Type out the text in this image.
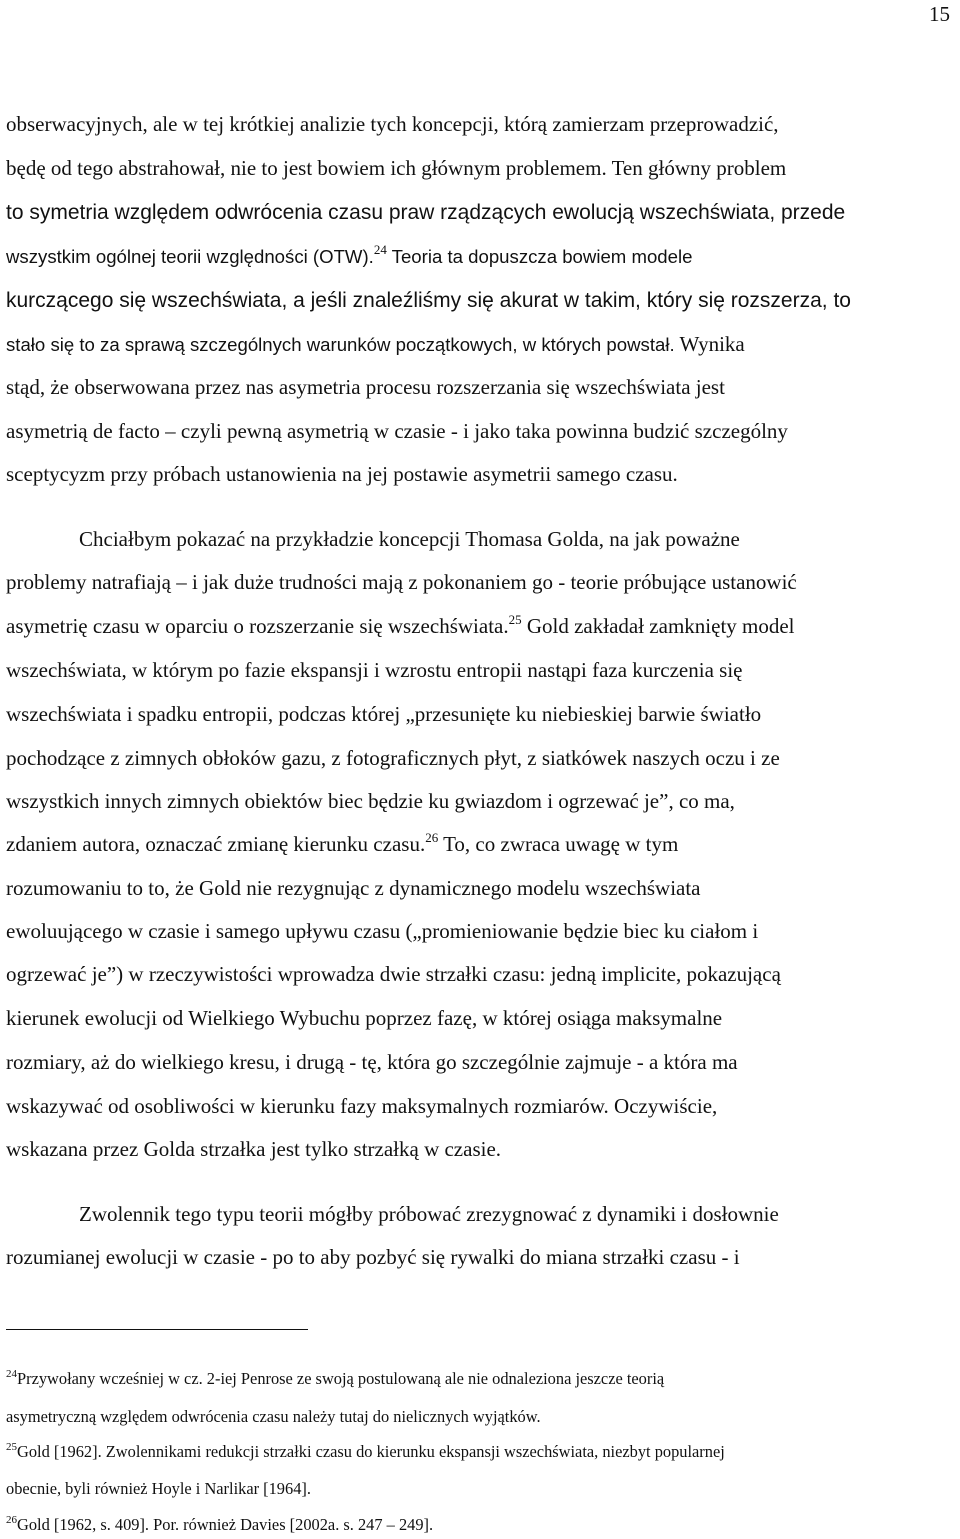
15
obserwacyjnych, ale w tej krótkiej analizie tych koncepcji, którą zamierzam przeprowadzić,
będę od tego abstrahował, nie to jest bowiem ich głównym problemem. Ten główny problem
to symetria względem odwrócenia czasu praw rządzących ewolucją wszechświata, przede
wszystkim ogólnej teorii względności (OTW).$^{24}$ Teoria ta dopuszcza bowiem modele
kurczącego się wszechświata, a jeśli znaleźliśmy się akurat w takim, który się rozszerza, to
stało się to za sprawą szczególnych warunków początkowych, w których powstał. Wynika
stąd, że obserwowana przez nas asymetria procesu rozszerzania się wszechświata jest
asymetrią de facto – czyli pewną asymetrią w czasie - i jako taka powinna budzić szczególny
sceptycyzm przy próbach ustanowienia na jej postawie asymetrii samego czasu.
Chciałbym pokazać na przykładzie koncepcji Thomasa Golda, na jak poważne
problemy natrafiają – i jak duże trudności mają z pokonaniem go - teorie próbujące ustanowić
asymetrię czasu w oparciu o rozszerzanie się wszechświata.$^{25}$ Gold zakładał zamknięty model
wszechświata, w którym po fazie ekspansji i wzrostu entropii nastąpi faza kurczenia się
wszechświata i spadku entropii, podczas której „przesunięte ku niebieskiej barwie światło
pochodzące z zimnych obłoków gazu, z fotograficznych płyt, z siatkówek naszych oczu i ze
wszystkich innych zimnych obiektów biec będzie ku gwiazdom i ogrzewać je”, co ma,
zdaniem autora, oznaczać zmianę kierunku czasu.$^{26}$ To, co zwraca uwagę w tym
rozumowaniu to to, że Gold nie rezygnując z dynamicznego modelu wszechświata
ewoluującego w czasie i samego upływu czasu („promieniowanie będzie biec ku ciałom i
ogrzewać je”) w rzeczywistości wprowadza dwie strzałki czasu: jedną implicite, pokazującą
kierunek ewolucji od Wielkiego Wybuchu poprzez fazę, w której osiąga maksymalne
rozmiary, aż do wielkiego kresu, i drugą - tę, która go szczególnie zajmuje - a która ma
wskazywać od osobliwości w kierunku fazy maksymalnych rozmiarów. Oczywiście,
wskazana przez Golda strzałka jest tylko strzałką w czasie.
Zwolennik tego typu teorii mógłby próbować zrezygnować z dynamiki i dosłownie
rozumianej ewolucji w czasie - po to aby pozbyć się rywalki do miana strzałki czasu - i
$^{24}$Przywołany wcześniej w cz. 2-iej Penrose ze swoją postulowaną ale nie odnaleziona jeszcze teorią
asymetryczną względem odwrócenia czasu należy tutaj do nielicznych wyjątków.
$^{25}$Gold [1962]. Zwolennikami redukcji strzałki czasu do kierunku ekspansji wszechświata, niezbyt popularnej
obecnie, byli również Hoyle i Narlikar [1964].
$^{26}$Gold [1962, s. 409]. Por. również Davies [2002a. s. 247 – 249].
